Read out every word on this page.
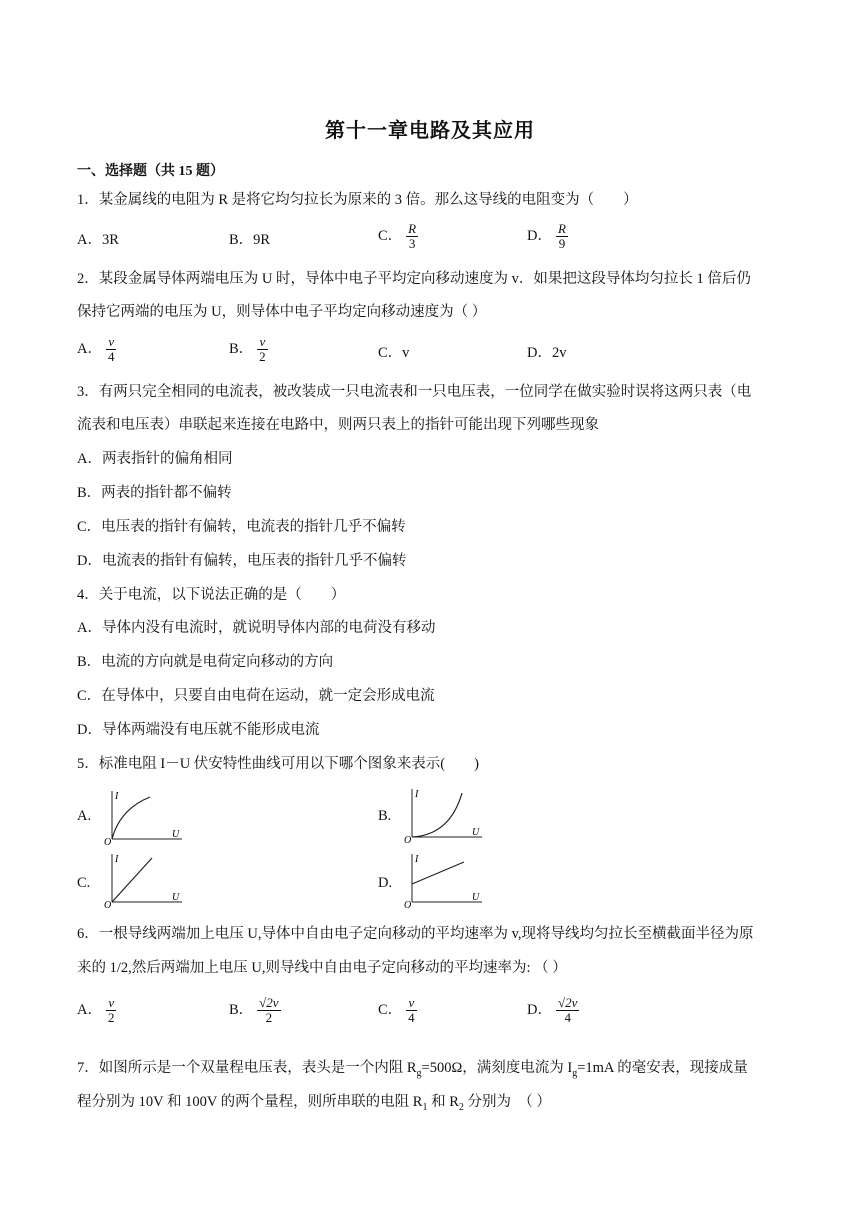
第十一章电路及其应用
一、选择题（共 15 题）
1．某金属线的电阻为 R 是将它均匀拉长为原来的 3 倍。那么这导线的电阻变为（　　）
A．3R	B．9R	C． $\frac{R}{3}$	D． $\frac{R}{9}$
2．某段金属导体两端电压为 U 时，导体中电子平均定向移动速度为 v．如果把这段导体均匀拉长 1 倍后仍
保持它两端的电压为 U，则导体中电子平均定向移动速度为（ ）
A． $\frac{v}{4}$	B． $\frac{v}{2}$	C．v	D．2v
3．有两只完全相同的电流表，被改装成一只电流表和一只电压表，一位同学在做实验时误将这两只表（电
流表和电压表）串联起来连接在电路中，则两只表上的指针可能出现下列哪些现象
A．两表指针的偏角相同
B．两表的指针都不偏转
C．电压表的指针有偏转，电流表的指针几乎不偏转
D．电流表的指针有偏转，电压表的指针几乎不偏转
4．关于电流，以下说法正确的是（　　）
A．导体内没有电流时，就说明导体内部的电荷没有移动
B．电流的方向就是电荷定向移动的方向
C．在导体中，只要自由电荷在运动，就一定会形成电流
D．导体两端没有电压就不能形成电流
5．标准电阻 I－U 伏安特性曲线可用以下哪个图象来表示(　　)
A.
I
U
O
B.
I
U
O
C.
I
U
O
D.
I
U
O
6．一根导线两端加上电压 U,导体中自由电子定向移动的平均速率为 v,现将导线均匀拉长至横截面半径为原
来的 1/2,然后两端加上电压 U,则导线中自由电子定向移动的平均速率为: （ ）
A． $\frac{v}{2}$	B． $\frac{√2v}{2}$	C． $\frac{v}{4}$	D． $\frac{√2v}{4}$
7．如图所示是一个双量程电压表，表头是一个内阻 $R_g=500\Omega$，满刻度电流为 $I_g=1mA$ 的毫安表，现接成量
程分别为 10V 和 100V 的两个量程，则所串联的电阻 $R_1$ 和 $R_2$ 分别为　（ ）
